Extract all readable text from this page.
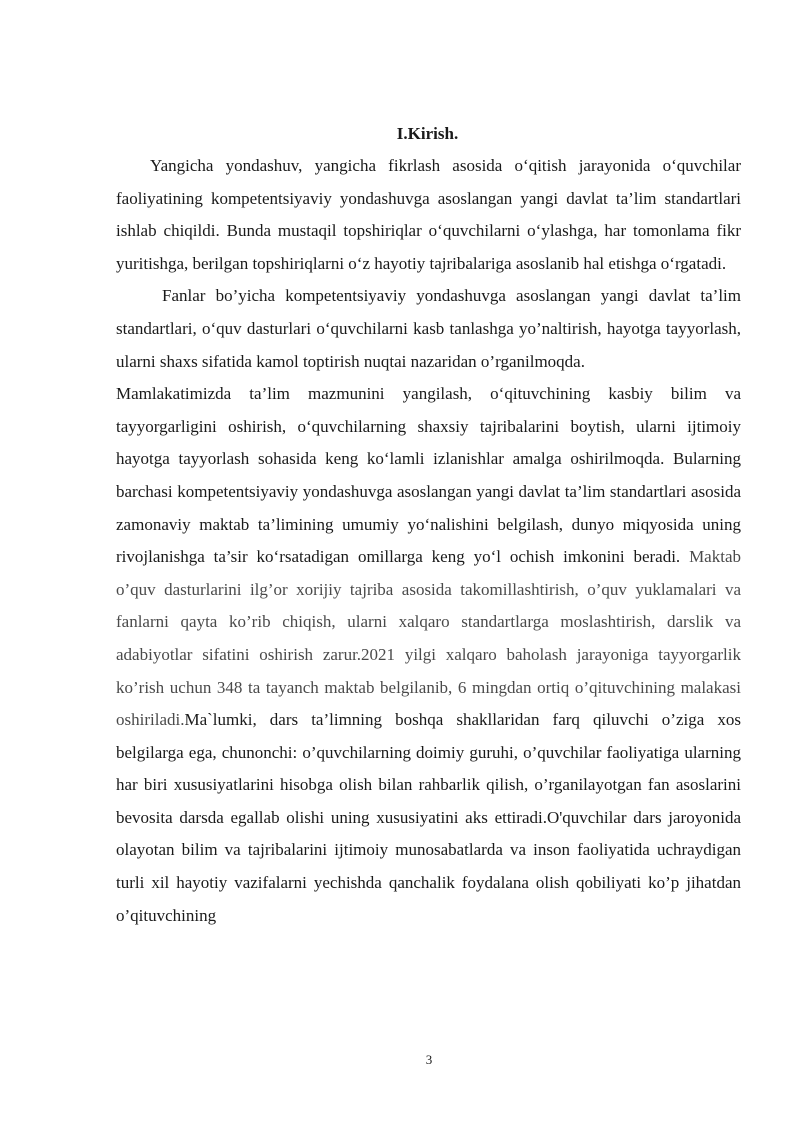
I.Kirish.

Yangicha yondashuv, yangicha fikrlash asosida o‘qitish jarayonida o‘quvchilar faoliyatining kompetentsiyaviy yondashuvga asoslangan yangi davlat ta’lim standartlari ishlab chiqildi. Bunda mustaqil topshiriqlar o‘quvchilarni o‘ylashga, har tomonlama fikr yuritishga, berilgan topshiriqlarni o‘z hayotiy tajribalariga asoslanib hal etishga o‘rgatadi.

Fanlar bo’yicha kompetentsiyaviy yondashuvga asoslangan yangi davlat ta’lim standartlari, o‘quv dasturlari o‘quvchilarni kasb tanlashga yo’naltirish, hayotga tayyorlash, ularni shaxs sifatida kamol toptirish nuqtai nazaridan o’rganilmoqda.

Mamlakatimizda ta’lim mazmunini yangilash, o‘qituvchining kasbiy bilim va tayyorgarligini oshirish, o‘quvchilarning shaxsiy tajribalarini boytish, ularni ijtimoiy hayotga tayyorlash sohasida keng ko‘lamli izlanishlar amalga oshirilmoqda. Bularning barchasi kompetentsiyaviy yondashuvga asoslangan yangi davlat ta’lim standartlari asosida zamonaviy maktab ta’limining umumiy yo‘nalishini belgilash, dunyo miqyosida uning rivojlanishga ta’sir ko‘rsatadigan omillarga keng yo‘l ochish imkonini beradi. Maktab o’quv dasturlarini ilg’or xorijiy tajriba asosida takomillashtirish, o’quv yuklamalari va fanlarni qayta ko’rib chiqish, ularni xalqaro standartlarga moslashtirish, darslik va adabiyotlar sifatini oshirish zarur.2021 yilgi xalqaro baholash jarayoniga tayyorgarlik ko’rish uchun 348 ta tayanch maktab belgilanib, 6 mingdan ortiq o’qituvchining malakasi oshiriladi.Ma`lumki, dars ta’limning boshqa shakllaridan farq qiluvchi o’ziga xos belgilarga ega, chunonchi: o’quvchilarning doimiy guruhi, o’quvchilar faoliyatiga ularning har biri xususiyatlarini hisobga olish bilan rahbarlik qilish, o’rganilayotgan fan asoslarini bevosita darsda egallab olishi uning xususiyatini aks ettiradi.O'quvchilar dars jaroyonida olayotan bilim va tajribalarini ijtimoiy munosabatlarda va inson faoliyatida uchraydigan turli xil hayotiy vazifalarni yechishda qanchalik foydalana olish qobiliyati ko’p jihatdan o’qituvchining

3
